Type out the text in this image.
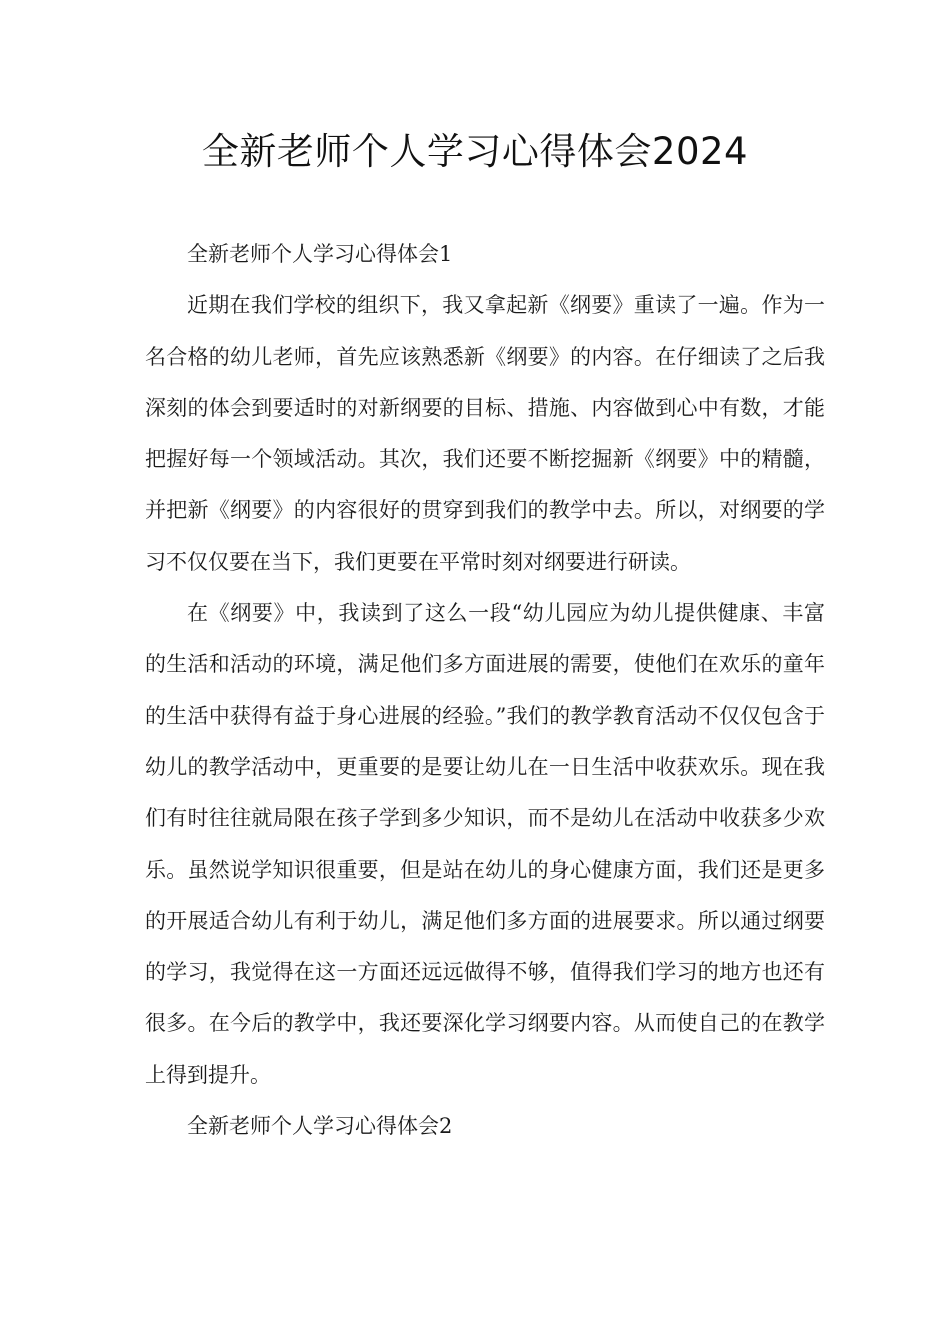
全新老师个人学习心得体会2024

全新老师个人学习心得体会1

近期在我们学校的组织下，我又拿起新《纲要》重读了一遍。作为一名合格的幼儿老师，首先应该熟悉新《纲要》的内容。在仔细读了之后我深刻的体会到要适时的对新纲要的目标、措施、内容做到心中有数，才能把握好每一个领域活动。其次，我们还要不断挖掘新《纲要》中的精髓，并把新《纲要》的内容很好的贯穿到我们的教学中去。所以，对纲要的学习不仅仅要在当下，我们更要在平常时刻对纲要进行研读。

在《纲要》中，我读到了这么一段“幼儿园应为幼儿提供健康、丰富的生活和活动的环境，满足他们多方面进展的需要，使他们在欢乐的童年的生活中获得有益于身心进展的经验。”我们的教学教育活动不仅仅包含于幼儿的教学活动中，更重要的是要让幼儿在一日生活中收获欢乐。现在我们有时往往就局限在孩子学到多少知识，而不是幼儿在活动中收获多少欢乐。虽然说学知识很重要，但是站在幼儿的身心健康方面，我们还是更多的开展适合幼儿有利于幼儿，满足他们多方面的进展要求。所以通过纲要的学习，我觉得在这一方面还远远做得不够，值得我们学习的地方也还有很多。在今后的教学中，我还要深化学习纲要内容。从而使自己的在教学上得到提升。

全新老师个人学习心得体会2
